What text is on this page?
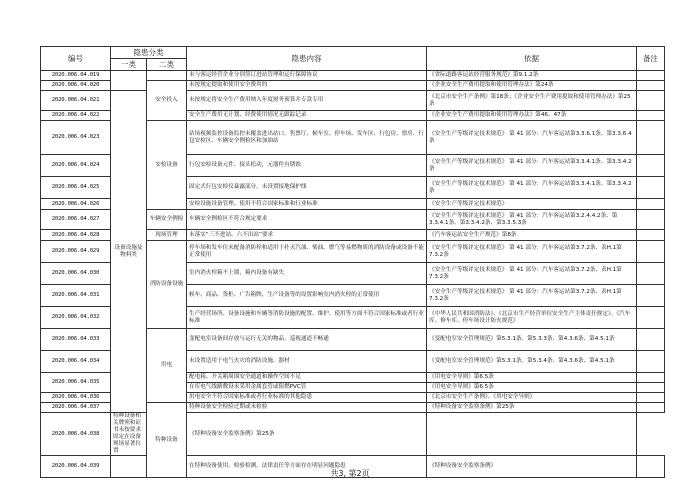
编号	隐患分类		隐患内容	依据	备注
	一类	二类			
2020.006.04.019			未与客运经营企业分别签订进站管理和运行保障协议	《省际道路客运站经营服务规范》第9.1.2条	
2020.006.04.020		安全投入	未按规定提取和使用安全费用的	《企业安全生产费用提取和使用管理办法》第24条	
2020.006.04.021	设备设施及物料类		未按规定将安全生产费用纳入年度财务预算并专款专用	《北京市安全生产条例》第18条；《企业安全生产费用提取和使用管理办法》第25条	
2020.006.04.022			安全生产费用无计划、经费使用情况无跟踪记录	《企业安全生产费用提取和使用管理办法》第46、47条	
2020.006.04.023		安检设备	站场视频监控设备监控未覆盖进出站口、售票厅、候车室、停车场、发车区、行包房、票房、行包安检区、车辆安全例检区和加油站	《安全生产等级评定技术规范》 第 41 部分：汽车客运站第3.3.6.1条、第3.3.6.4条	
2020.006.04.024			行包安检设备元件、接头松动，元器件有锈蚀	《安全生产等级评定技术规范》 第 41 部分：汽车客运站第3.3.4.1条、第3.3.4.2条	
2020.006.04.025			固定式行包安检仪暴露部分，未设置接地保护线	《安全生产等级评定技术规范》 第 41 部分：汽车客运站第3.3.4.1条、第3.3.4.2条	
2020.006.04.026			安检设施设备管理、使用不符合国家标准和行业标准	《安全生产等级评定技术规范》	
2020.006.04.027		车辆安全例检	车辆安全例检区不符合规定要求	《安全生产等级评定技术规范》 第 41 部分：汽车客运站第3.2.4.4.2条、第3.3.4.1条、第3.3.4.2条、第3.3.5.3条	
2020.006.04.028		现场管理	未落实“三不进站、六不出站”要求	《汽车客运站安全生产规范》第8条	
2020.006.04.029		消防设备设施	停车场和发车位未配备消防栓和适用于扑灭汽油、柴油、燃气等易燃物质的消防设备或设备不能正常使用	《安全生产等级评定技术规范》 第 41 部分：汽车客运站第3.7.2条、表H.1第7.3.2条	
2020.006.04.030			室内消火栓箱不上锁，箱内设备有缺失	《安全生产等级评定技术规范》 第 41 部分：汽车客运站第3.7.2条、表H.1第7.3.2条	
2020.006.04.031			候车、商品、货柜、广告箱牌，生产设备等的设置影响室内消火栓的正常使用	《安全生产等级评定技术规范》 第 41 部分：汽车客运站第3.7.2条、表H.1第7.3.2条	
2020.006.04.032			生产经营场所、设备设施和车辆等消防设施的配置、维护、使用等方面不符合国家标准或者行业标准	《中华人民共和国消防法》、《北京市生产经营单位安全生产主体责任规定》、《汽车库、修车库、停车场设计防火规范》	
2020.006.04.033		用电	变配电室设备间存放与运行无关的物品，巡视通道不畅通	《变配电室安全管理规范》第5.3.1条、第5.3.3条、第4.3.6条、第4.5.1条	
2020.006.04.034			未设置适用于电气火灾的消防设施、器材	《变配电室安全管理规范》第5.3.1条、第5.3.4条、第4.3.6条、第4.5.1条	
2020.006.04.035			配电箱、开关箱周围安全通道和操作空间不足	《用电安全导则》第6.5条	
			在库电气线路敷设未采用金属套管或阻燃PVC管	《用电安全导则》第6.5条	
2020.006.04.036			用电安全不符合国家标准或者行业标准的其他隐患	《北京市安全生产条例》、《用电安全导则》	
2020.006.04.037		特种设备	特种设备安全检验过期或未检验	《特种设备安全监察条例》第25条	
2020.006.04.038	特种设备相关牌照和证书未按要求固定在设备现场显著位置		《特种设备安全监察条例》第25条		
2020.006.04.039			在特种设备使用、检验检测、法律责任等方面存在明显问题隐患	《特种设备安全监察条例》	
共3, 第2页
